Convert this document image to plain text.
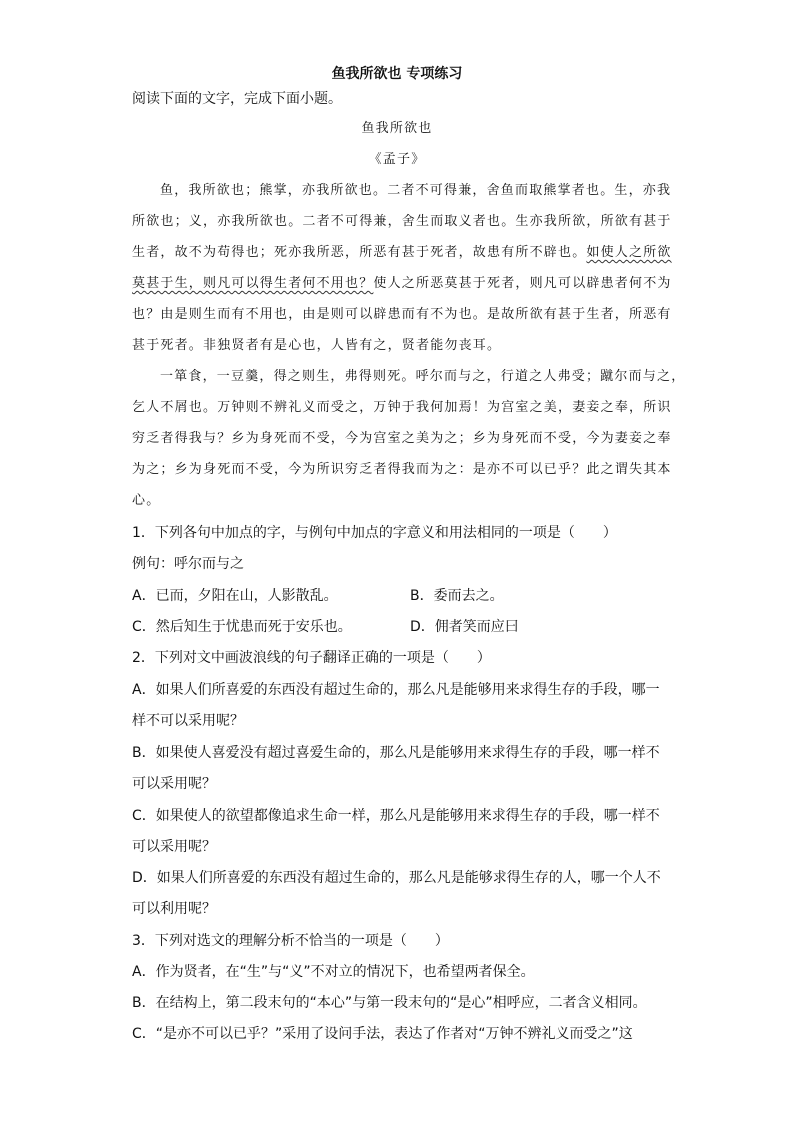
鱼我所欲也 专项练习
阅读下面的文字，完成下面小题。
鱼我所欲也
《孟子》
鱼，我所欲也；熊掌，亦我所欲也。二者不可得兼，舍鱼而取熊掌者也。生，亦我
所欲也；义，亦我所欲也。二者不可得兼，舍生而取义者也。生亦我所欲，所欲有甚于
生者，故不为苟得也；死亦我所恶，所恶有甚于死者，故患有所不辟也。如使人之所欲
莫甚于生，则凡可以得生者何不用也？使人之所恶莫甚于死者，则凡可以辟患者何不为
也？由是则生而有不用也，由是则可以辟患而有不为也。是故所欲有甚于生者，所恶有
甚于死者。非独贤者有是心也，人皆有之，贤者能勿丧耳。
一箪食，一豆羹，得之则生，弗得则死。呼尔而与之，行道之人弗受；蹴尔而与之，
乞人不屑也。万钟则不辨礼义而受之，万钟于我何加焉！为宫室之美，妻妾之奉，所识
穷乏者得我与？乡为身死而不受，今为宫室之美为之；乡为身死而不受，今为妻妾之奉
为之；乡为身死而不受，今为所识穷乏者得我而为之：是亦不可以已乎？此之谓失其本
心。
1．下列各句中加点的字，与例句中加点的字意义和用法相同的一项是（　　）
例句：呼尔而与之
A．已而，夕阳在山，人影散乱。	B．委而去之。
C．然后知生于忧患而死于安乐也。	D．佣者笑而应曰
2．下列对文中画波浪线的句子翻译正确的一项是（　　）
A．如果人们所喜爱的东西没有超过生命的，那么凡是能够用来求得生存的手段，哪一
样不可以采用呢？
B．如果使人喜爱没有超过喜爱生命的，那么凡是能够用来求得生存的手段，哪一样不
可以采用呢？
C．如果使人的欲望都像追求生命一样，那么凡是能够用来求得生存的手段，哪一样不
可以采用呢？
D．如果人们所喜爱的东西没有超过生命的，那么凡是能够求得生存的人，哪一个人不
可以利用呢？
3．下列对选文的理解分析不恰当的一项是（　　）
A．作为贤者，在“生”与“义”不对立的情况下，也希望两者保全。
B．在结构上，第二段末句的“本心”与第一段末句的“是心”相呼应，二者含义相同。
C．“是亦不可以已乎？”采用了设问手法，表达了作者对“万钟不辨礼义而受之”这
